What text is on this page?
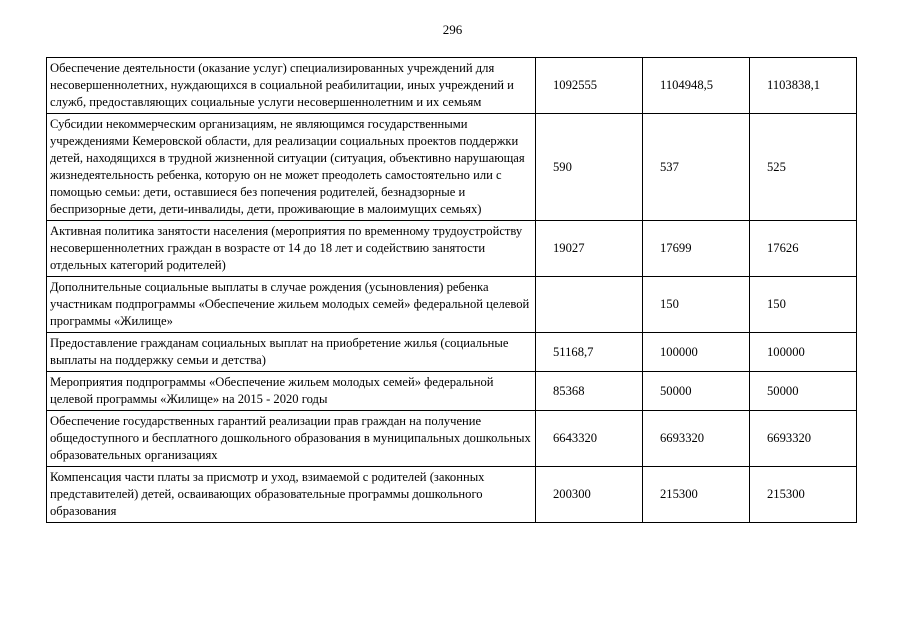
296
Обеспечение деятельности (оказание услуг) специализированных учреждений для несовершеннолетних, нуждающихся в социальной реабилитации, иных учреждений и служб, предоставляющих социальные услуги несовершеннолетним и их семьям	1092555	1104948,5	1103838,1
Субсидии некоммерческим организациям, не являющимся государственными учреждениями Кемеровской области, для реализации социальных проектов поддержки детей, находящихся в трудной жизненной ситуации (ситуация, объективно нарушающая жизнедеятельность ребенка, которую он не может преодолеть самостоятельно или с помощью семьи: дети, оставшиеся без попечения родителей, безнадзорные и беспризорные дети, дети-инвалиды, дети, проживающие в малоимущих семьях)	590	537	525
Активная политика занятости населения (мероприятия по временному трудоустройству несовершеннолетних граждан в возрасте от 14 до 18 лет и содействию занятости отдельных категорий родителей)	19027	17699	17626
Дополнительные социальные выплаты в случае рождения (усыновления) ребенка участникам подпрограммы «Обеспечение жильем молодых семей» федеральной целевой программы «Жилище»		150	150
Предоставление гражданам социальных выплат на приобретение жилья (социальные выплаты на поддержку семьи и детства)	51168,7	100000	100000
Мероприятия подпрограммы «Обеспечение жильем молодых семей» федеральной целевой программы «Жилище» на 2015 - 2020 годы	85368	50000	50000
Обеспечение государственных гарантий реализации прав граждан на получение общедоступного и бесплатного дошкольного образования в муниципальных дошкольных образовательных организациях	6643320	6693320	6693320
Компенсация части платы за присмотр и уход, взимаемой с родителей (законных представителей) детей, осваивающих образовательные программы дошкольного образования	200300	215300	215300
